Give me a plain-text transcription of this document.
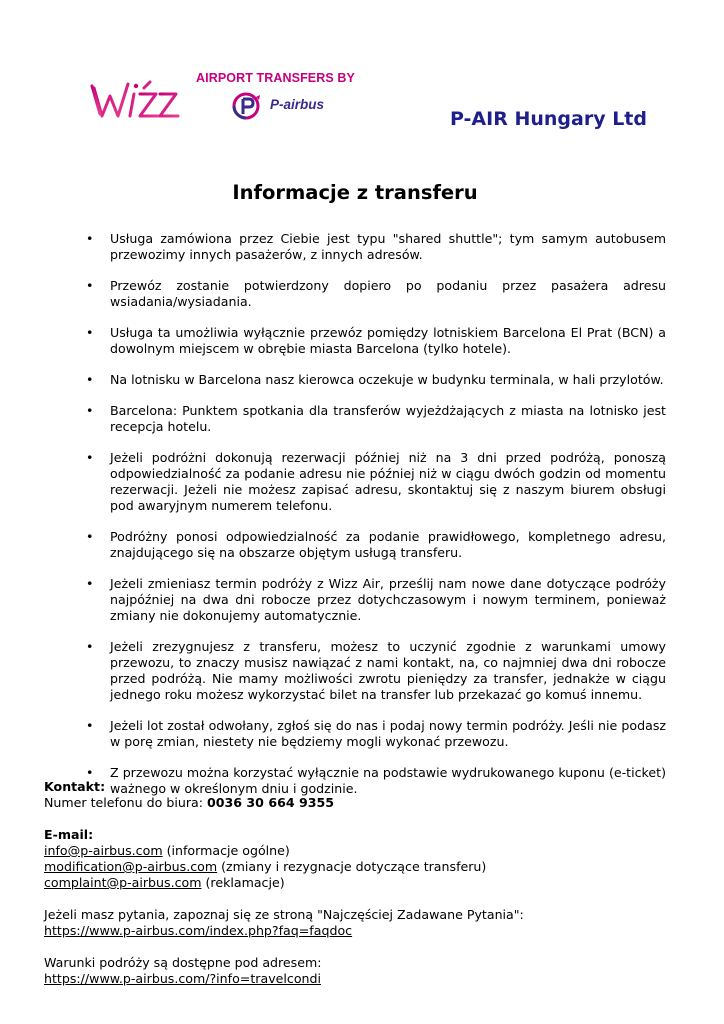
AIRPORT TRANSFERS BY
P-airbus
P-AIR Hungary Ltd
Informacje z transferu
• Usługa zamówiona przez Ciebie jest typu "shared shuttle"; tym samym autobusem przewozimy innych pasażerów, z innych adresów.
• Przewóz zostanie potwierdzony dopiero po podaniu przez pasażera adresu wsiadania/wysiadania.
• Usługa ta umożliwia wyłącznie przewóz pomiędzy lotniskiem Barcelona El Prat (BCN) a dowolnym miejscem w obrębie miasta Barcelona (tylko hotele).
• Na lotnisku w Barcelona nasz kierowca oczekuje w budynku terminala, w hali przylotów.
• Barcelona: Punktem spotkania dla transferów wyjeżdżających z miasta na lotnisko jest recepcja hotelu.
• Jeżeli podróżni dokonują rezerwacji później niż na 3 dni przed podróżą, ponoszą odpowiedzialność za podanie adresu nie później niż w ciągu dwóch godzin od momentu rezerwacji. Jeżeli nie możesz zapisać adresu, skontaktuj się z naszym biurem obsługi pod awaryjnym numerem telefonu.
• Podróżny ponosi odpowiedzialność za podanie prawidłowego, kompletnego adresu, znajdującego się na obszarze objętym usługą transferu.
• Jeżeli zmieniasz termin podróży z Wizz Air, prześlij nam nowe dane dotyczące podróży najpóźniej na dwa dni robocze przez dotychczasowym i nowym terminem, ponieważ zmiany nie dokonujemy automatycznie.
• Jeżeli zrezygnujesz z transferu, możesz to uczynić zgodnie z warunkami umowy przewozu, to znaczy musisz nawiązać z nami kontakt, na, co najmniej dwa dni robocze przed podróżą. Nie mamy możliwości zwrotu pieniędzy za transfer, jednakże w ciągu jednego roku możesz wykorzystać bilet na transfer lub przekazać go komuś innemu.
• Jeżeli lot został odwołany, zgłoś się do nas i podaj nowy termin podróży. Jeśli nie podasz w porę zmian, niestety nie będziemy mogli wykonać przewozu.
• Z przewozu można korzystać wyłącznie na podstawie wydrukowanego kuponu (e-ticket) ważnego w określonym dniu i godzinie.
Kontakt:
Numer telefonu do biura: 0036 30 664 9355
E-mail:
info@p-airbus.com (informacje ogólne)
modification@p-airbus.com (zmiany i rezygnacje dotyczące transferu)
complaint@p-airbus.com (reklamacje)
Jeżeli masz pytania, zapoznaj się ze stroną "Najczęściej Zadawane Pytania":
https://www.p-airbus.com/index.php?faq=faqdoc
Warunki podróży są dostępne pod adresem:
https://www.p-airbus.com/?info=travelcondi
